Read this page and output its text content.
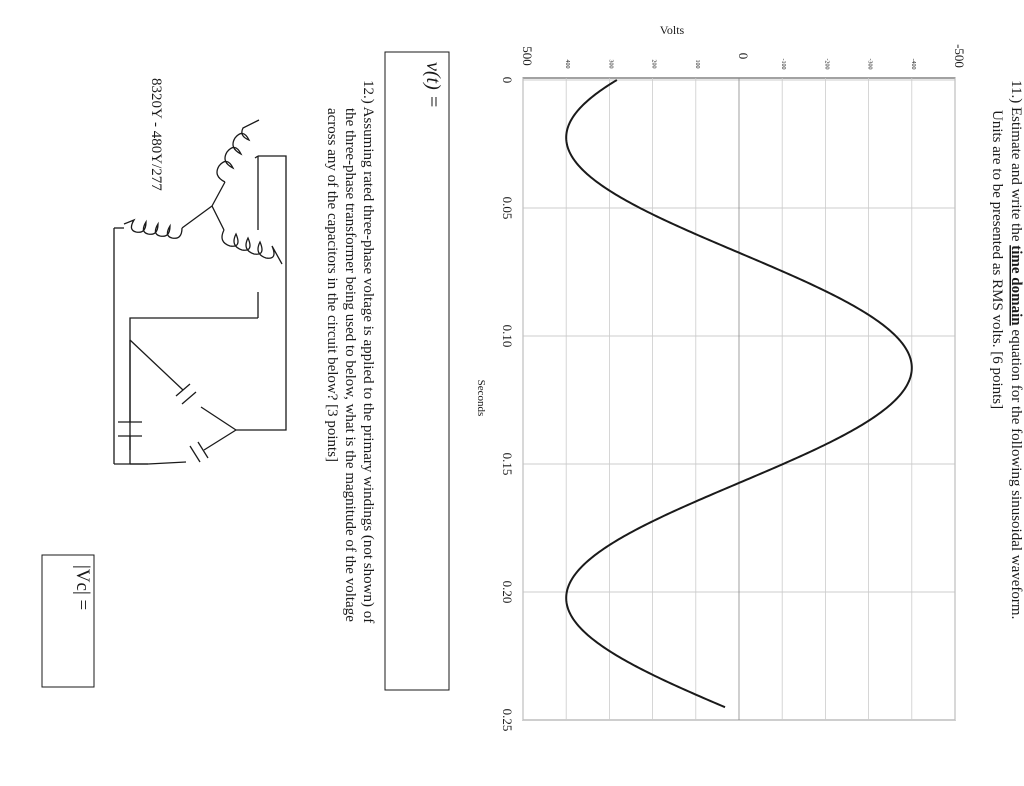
11.) Estimate and write the time domain equation for the following sinusoidal waveform.
Units are to be presented as RMS volts. [6 points]
0
0.05
0.10
0.15
0.20
0.25
-500
0
500	-400
-300
-200
-100
100
200
300
400
Volts
Seconds
v(t) =
12.) Assuming rated three-phase voltage is applied to the primary windings (not shown) of
the three-phase transformer being used to below, what is the magnitude of the voltage
across any of the capacitors in the circuit below? [3 points]
8320Y - 480Y/277
|Vc| =
